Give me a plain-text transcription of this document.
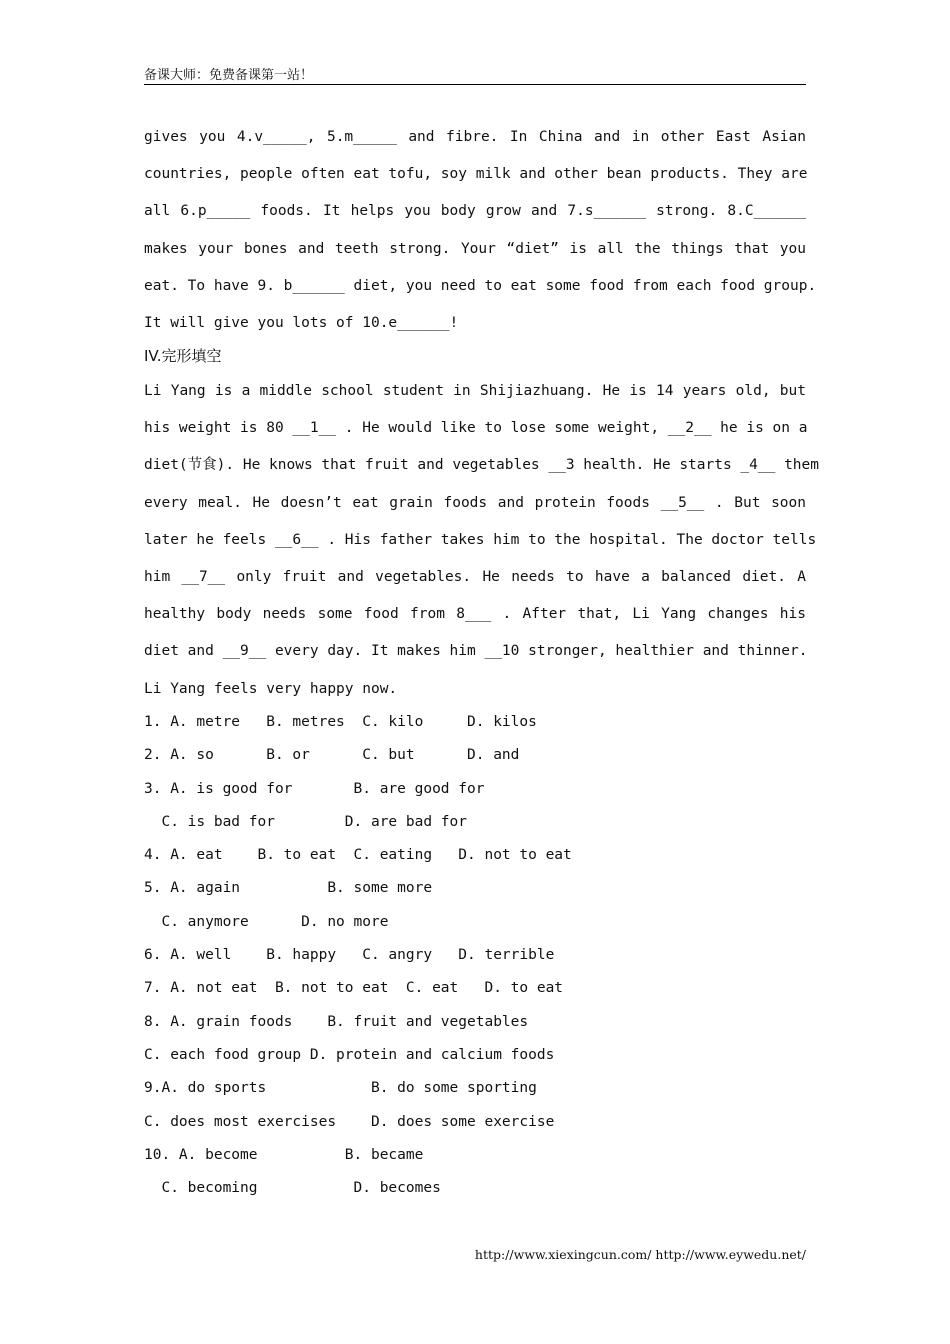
备课大师：免费备课第一站！
gives you 4.v_____, 5.m_____ and fibre. In China and in other East Asian
countries, people often eat tofu, soy milk and other bean products. They are
all 6.p_____ foods. It helps you body grow and 7.s______ strong. 8.C______
makes your bones and teeth strong. Your “diet” is all the things that you
eat. To have 9. b______ diet, you need to eat some food from each food group.
It will give you lots of 10.e______!
IV.完形填空
Li Yang is a middle school student in Shijiazhuang. He is 14 years old, but
his weight is 80 __1__ . He would like to lose some weight, __2__ he is on a
diet(节食). He knows that fruit and vegetables __3 health. He starts _4__ them
every meal. He doesn’t eat grain foods and protein foods __5__ . But soon
later he feels __6__ . His father takes him to the hospital. The doctor tells
him __7__ only fruit and vegetables. He needs to have a balanced diet. A
healthy body needs some food from 8___ . After that, Li Yang changes his
diet and __9__ every day. It makes him __10 stronger, healthier and thinner.
Li Yang feels very happy now.
1. A. metre   B. metres  C. kilo     D. kilos
2. A. so      B. or      C. but      D. and
3. A. is good for       B. are good for
C. is bad for        D. are bad for
4. A. eat    B. to eat  C. eating   D. not to eat
5. A. again          B. some more
C. anymore      D. no more
6. A. well    B. happy   C. angry   D. terrible
7. A. not eat  B. not to eat  C. eat   D. to eat
8. A. grain foods    B. fruit and vegetables
C. each food group D. protein and calcium foods
9.A. do sports            B. do some sporting
C. does most exercises    D. does some exercise
10. A. become          B. became
C. becoming           D. becomes
http://www.xiexingcun.com/ http://www.eywedu.net/
